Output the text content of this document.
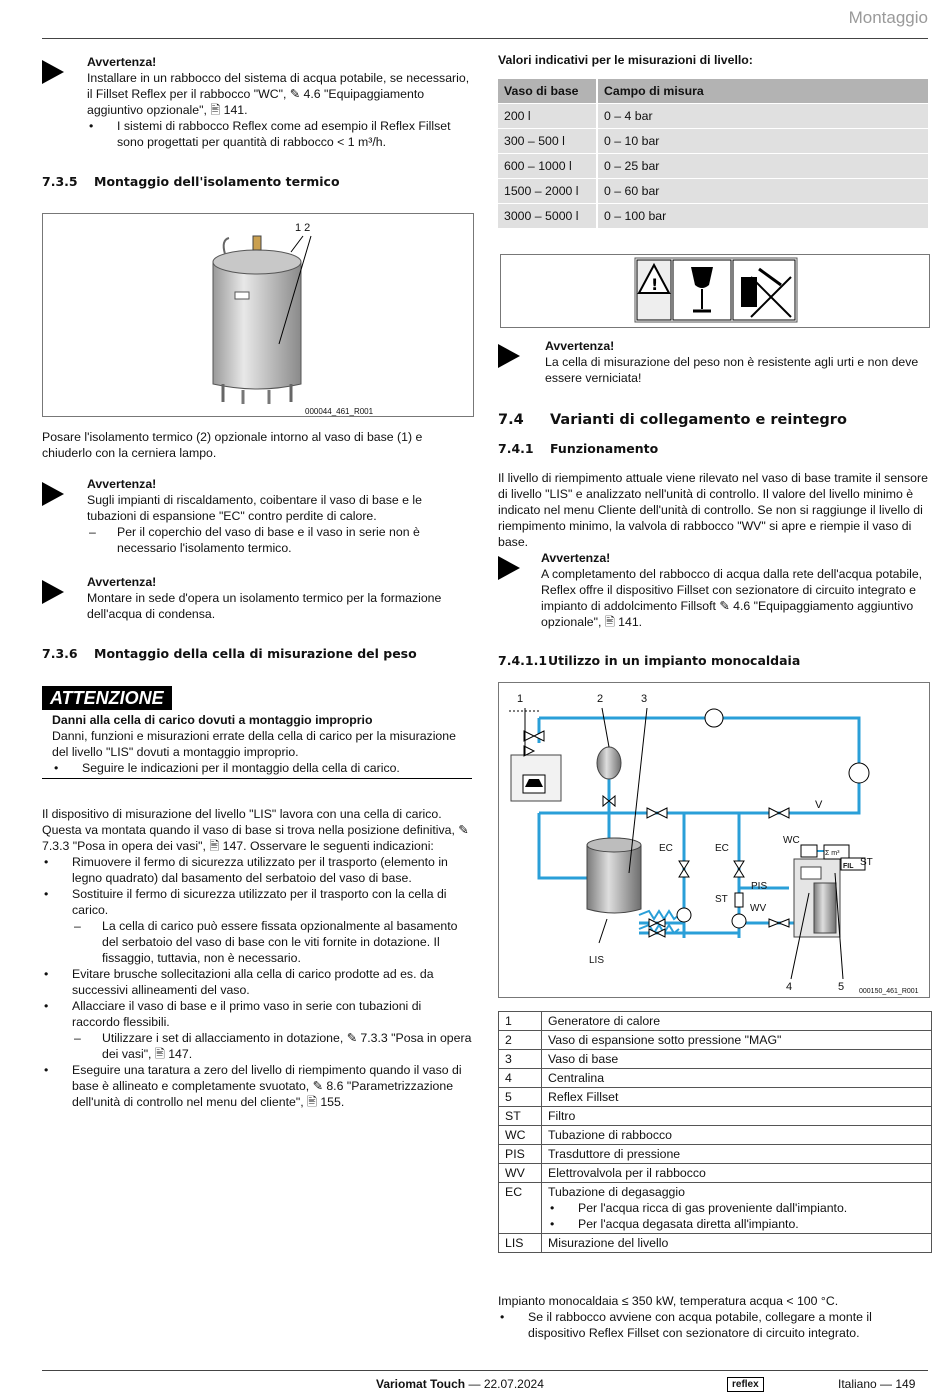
Montaggio
Avvertenza!
Installare in un rabbocco del sistema di acqua potabile, se necessario, il Fillset Reflex per il rabbocco "WC", ✎ 4.6 "Equipaggiamento aggiuntivo opzionale", 🖹 141.
• I sistemi di rabbocco Reflex come ad esempio il Reflex Fillset sono progettati per quantità di rabbocco < 1 m³/h.
7.3.5 Montaggio dell'isolamento termico
1 2
000044_461_R001
Posare l'isolamento termico (2) opzionale intorno al vaso di base (1) e chiuderlo con la cerniera lampo.
Avvertenza!
Sugli impianti di riscaldamento, coibentare il vaso di base e le tubazioni di espansione "EC" contro perdite di calore.
– Per il coperchio del vaso di base e il vaso in serie non è necessario l'isolamento termico.
Avvertenza!
Montare in sede d'opera un isolamento termico per la formazione dell'acqua di condensa.
7.3.6 Montaggio della cella di misurazione del peso
ATTENZIONE
Danni alla cella di carico dovuti a montaggio improprio
Danni, funzioni e misurazioni errate della cella di carico per la misurazione del livello "LIS" dovuti a montaggio improprio.
• Seguire le indicazioni per il montaggio della cella di carico.
Il dispositivo di misurazione del livello "LIS" lavora con una cella di carico. Questa va montata quando il vaso di base si trova nella posizione definitiva, ✎ 7.3.3 "Posa in opera dei vasi", 🖹 147. Osservare le seguenti indicazioni:
• Rimuovere il fermo di sicurezza utilizzato per il trasporto (elemento in legno quadrato) dal basamento del serbatoio del vaso di base.
• Sostituire il fermo di sicurezza utilizzato per il trasporto con la cella di carico.
– La cella di carico può essere fissata opzionalmente al basamento del serbatoio del vaso di base con le viti fornite in dotazione. Il fissaggio, tuttavia, non è necessario.
• Evitare brusche sollecitazioni alla cella di carico prodotte ad es. da successivi allineamenti del vaso.
• Allacciare il vaso di base e il primo vaso in serie con tubazioni di raccordo flessibili.
– Utilizzare i set di allacciamento in dotazione, ✎ 7.3.3 "Posa in opera dei vasi", 🖹 147.
• Eseguire una taratura a zero del livello di riempimento quando il vaso di base è allineato e completamente svuotato, ✎ 8.6 "Parametrizzazione dell'unità di controllo nel menu del cliente", 🖹 155.
Valori indicativi per le misurazioni di livello:
Vaso di base	Campo di misura
200 l	0 – 4 bar
300 – 500 l	0 – 10 bar
600 – 1000 l	0 – 25 bar
1500 – 2000 l	0 – 60 bar
3000 – 5000 l	0 – 100 bar
!
Avvertenza!
La cella di misurazione del peso non è resistente agli urti e non deve essere verniciata!
7.4 Varianti di collegamento e reintegro
7.4.1 Funzionamento
Il livello di riempimento attuale viene rilevato nel vaso di base tramite il sensore di livello "LIS" e analizzato nell'unità di controllo. Il valore del livello minimo è indicato nel menu Cliente dell'unità di controllo. Se non si raggiunge il livello di riempimento minimo, la valvola di rabbocco "WV" si apre e riempie il vaso di base.
Avvertenza!
A completamento del rabbocco di acqua dalla rete dell'acqua potabile, Reflex offre il dispositivo Fillset con sezionatore di circuito integrato e impianto di addolcimento Fillsoft ✎ 4.6 "Equipaggiamento aggiuntivo opzionale", 🖹 141.
7.4.1.1Utilizzo in un impianto monocaldaia
1	2	3
4	5
EC	EC
WC
ST
ST
PIS
WV
LIS
V
Σ m³
FIL
000150_461_R001
1	Generatore di calore
2	Vaso di espansione sotto pressione "MAG"
3	Vaso di base
4	Centralina
5	Reflex Fillset
ST	Filtro
WC	Tubazione di rabbocco
PIS	Trasduttore di pressione
WV	Elettrovalvola per il rabbocco
EC	Tubazione di degasaggio
• Per l'acqua ricca di gas proveniente dall'impianto.
• Per l'acqua degasata diretta all'impianto.

LIS	Misurazione del livello
Impianto monocaldaia ≤ 350 kW, temperatura acqua < 100 °C.
• Se il rabbocco avviene con acqua potabile, collegare a monte il dispositivo Reflex Fillset con sezionatore di circuito integrato.
Variomat Touch — 22.07.2024	reflex	Italiano — 149
